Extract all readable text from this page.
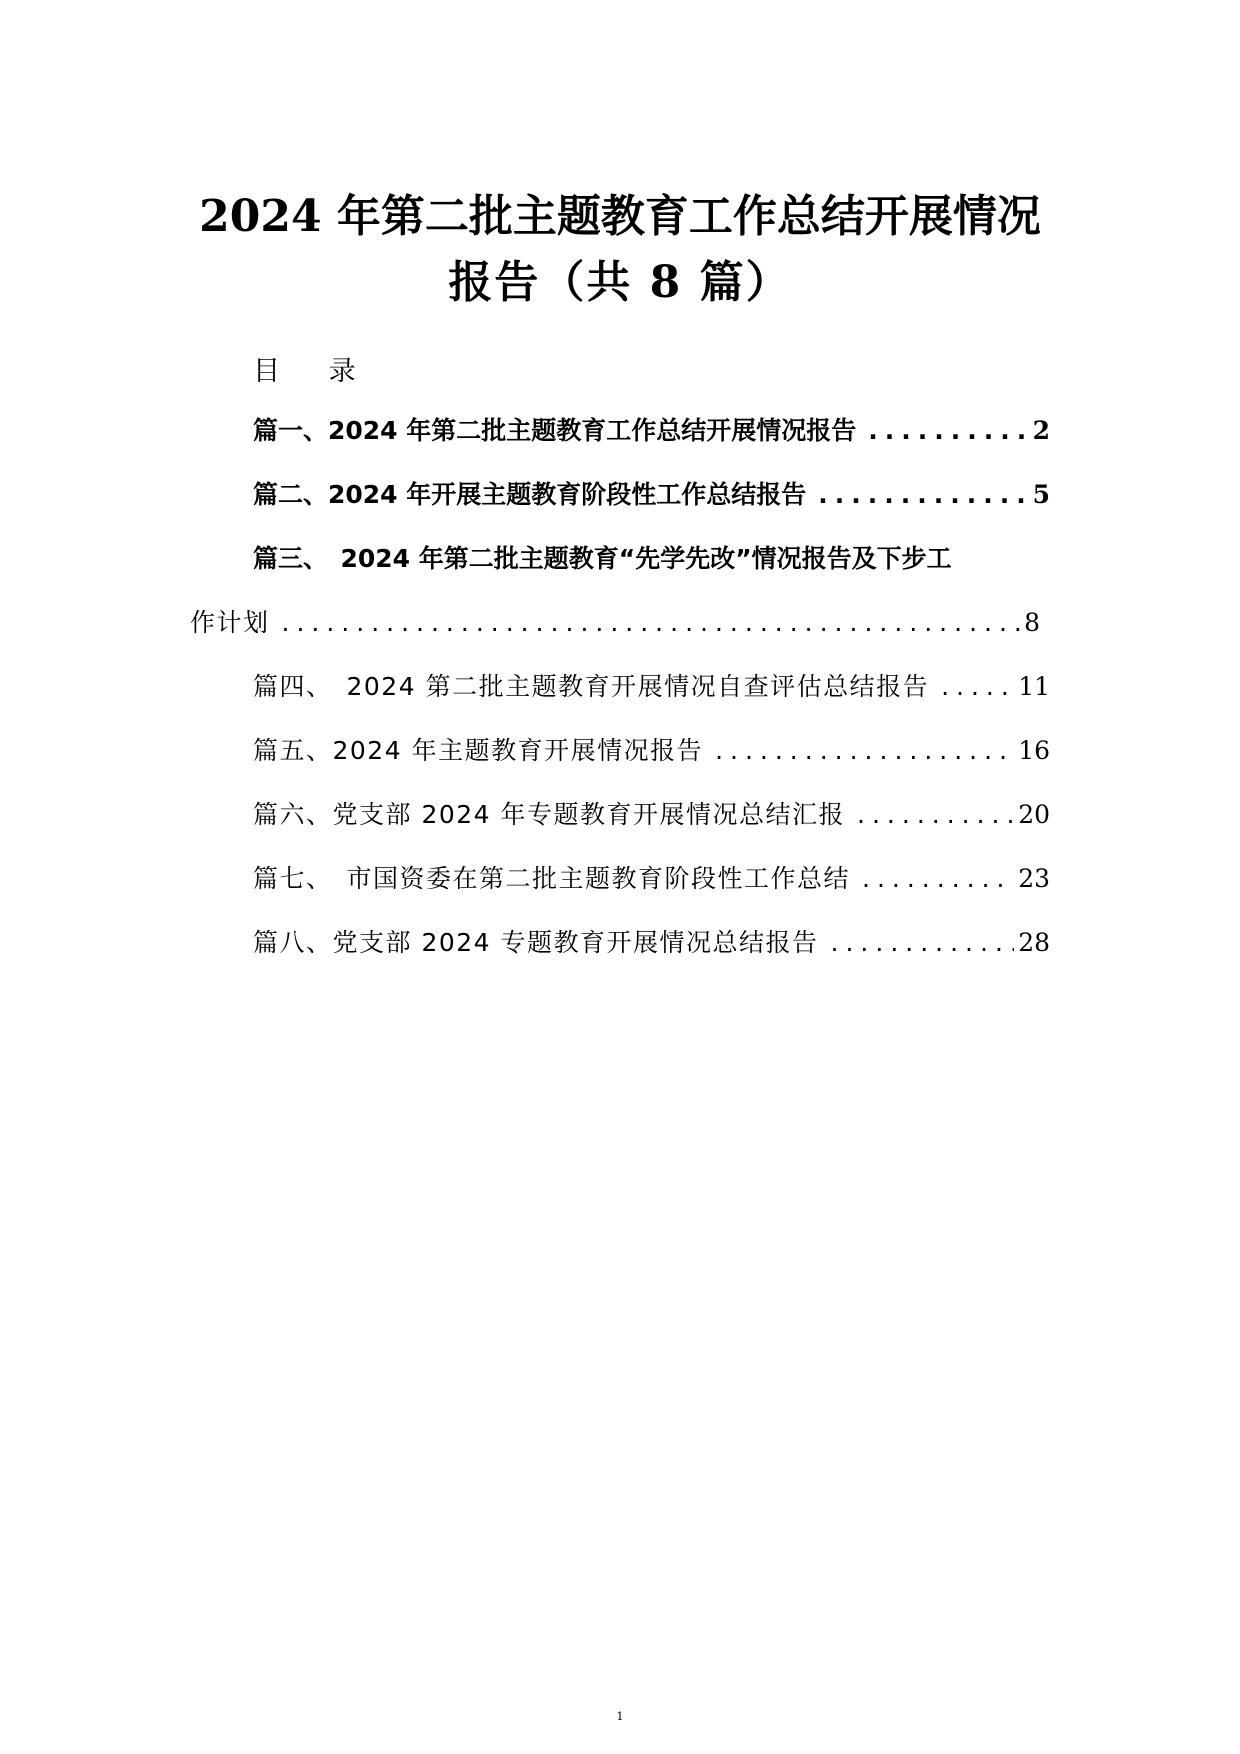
2024 年第二批主题教育工作总结开展情况
报告（共 8 篇）
目 录
篇一、2024 年第二批主题教育工作总结开展情况报告 .....	2
篇二、2024 年开展主题教育阶段性工作总结报告 .....	5
篇三、　2024 年第二批主题教育“先学先改”情况报告及下步工
作计划 .....	8
篇四、　2024 第二批主题教育开展情况自查评估总结报告 .....	11
篇五、2024 年主题教育开展情况报告 .....	16
篇六、党支部 2024 年专题教育开展情况总结汇报 .....	20
篇七、　市国资委在第二批主题教育阶段性工作总结 .....	23
篇八、党支部 2024 专题教育开展情况总结报告 .....	28
1
